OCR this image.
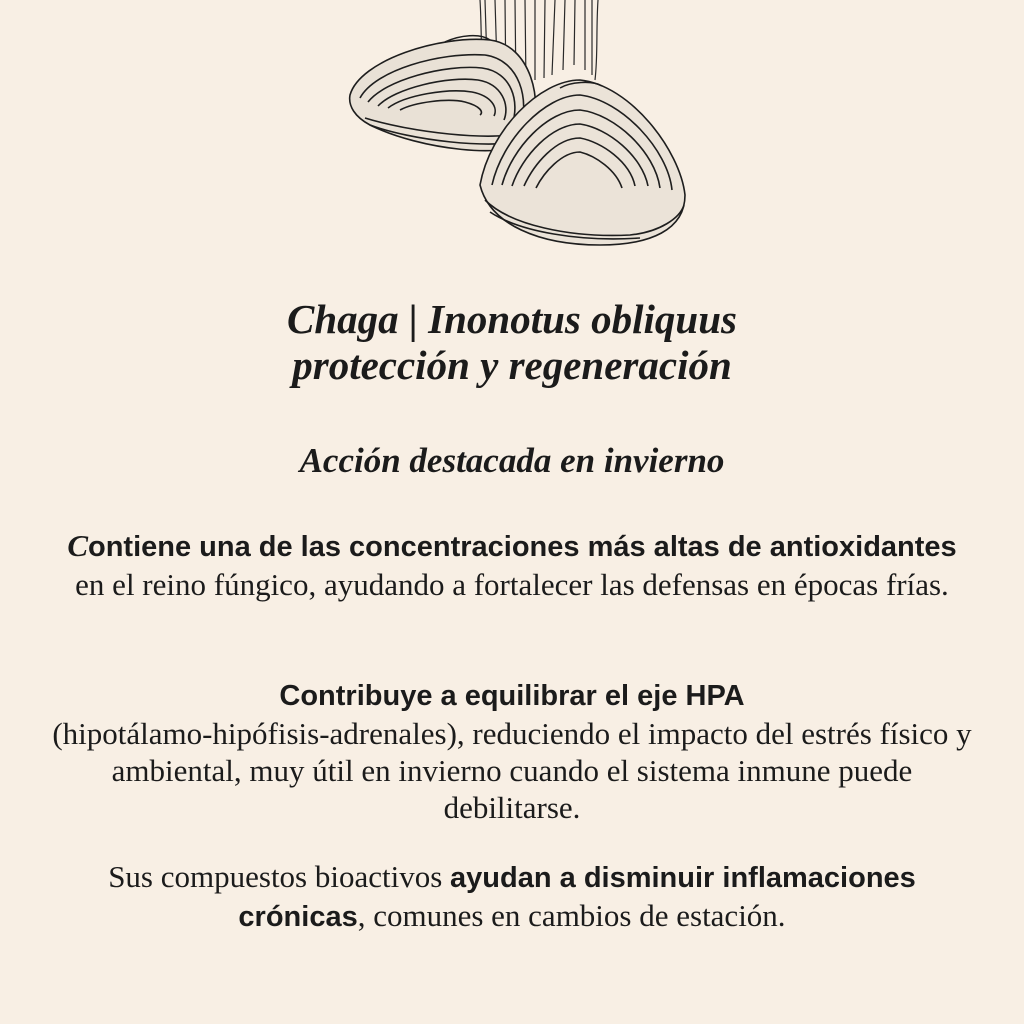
Chaga | Inonotus obliquus
protección y regeneración
Acción destacada en invierno
Contiene una de las concentraciones más altas de antioxidantes en el reino fúngico, ayudando a fortalecer las defensas en épocas frías.
Contribuye a equilibrar el eje HPA
(hipotálamo-hipófisis-adrenales), reduciendo el impacto del estrés físico y ambiental, muy útil en invierno cuando el sistema inmune puede debilitarse.
Sus compuestos bioactivos ayudan a disminuir inflamaciones crónicas, comunes en cambios de estación.
